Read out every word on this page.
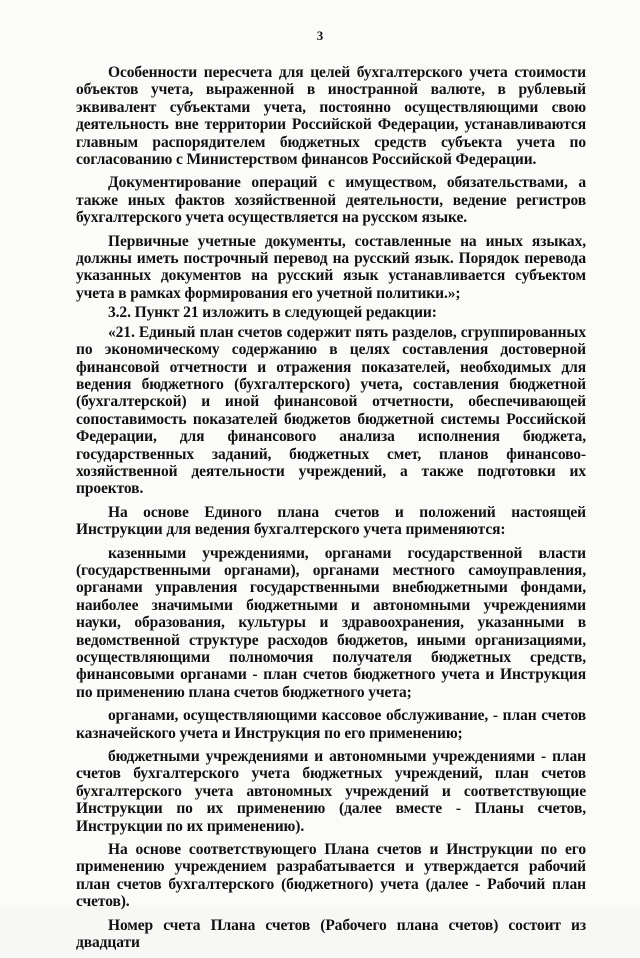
3

Особенности пересчета для целей бухгалтерского учета стоимости объектов учета, выраженной в иностранной валюте, в рублевый эквивалент субъектами учета, постоянно осуществляющими свою деятельность вне территории Российской Федерации, устанавливаются главным распорядителем бюджетных средств субъекта учета по согласованию с Министерством финансов Российской Федерации.

Документирование операций с имуществом, обязательствами, а также иных фактов хозяйственной деятельности, ведение регистров бухгалтерского учета осуществляется на русском языке.

Первичные учетные документы, составленные на иных языках, должны иметь построчный перевод на русский язык. Порядок перевода указанных документов на русский язык устанавливается субъектом учета в рамках формирования его учетной политики.»;

3.2. Пункт 21 изложить в следующей редакции:

«21. Единый план счетов содержит пять разделов, сгруппированных по экономическому содержанию в целях составления достоверной финансовой отчетности и отражения показателей, необходимых для ведения бюджетного (бухгалтерского) учета, составления бюджетной (бухгалтерской) и иной финансовой отчетности, обеспечивающей сопоставимость показателей бюджетов бюджетной системы Российской Федерации, для финансового анализа исполнения бюджета, государственных заданий, бюджетных смет, планов финансово-хозяйственной деятельности учреждений, а также подготовки их проектов.

На основе Единого плана счетов и положений настоящей Инструкции для ведения бухгалтерского учета применяются:

казенными учреждениями, органами государственной власти (государственными органами), органами местного самоуправления, органами управления государственными внебюджетными фондами, наиболее значимыми бюджетными и автономными учреждениями науки, образования, культуры и здравоохранения, указанными в ведомственной структуре расходов бюджетов, иными организациями, осуществляющими полномочия получателя бюджетных средств, финансовыми органами - план счетов бюджетного учета и Инструкция по применению плана счетов бюджетного учета;

органами, осуществляющими кассовое обслуживание, - план счетов казначейского учета и Инструкция по его применению;

бюджетными учреждениями и автономными учреждениями - план счетов бухгалтерского учета бюджетных учреждений, план счетов бухгалтерского учета автономных учреждений и соответствующие Инструкции по их применению (далее вместе - Планы счетов, Инструкции по их применению).

На основе соответствующего Плана счетов и Инструкции по его применению учреждением разрабатывается и утверждается рабочий план счетов бухгалтерского (бюджетного) учета (далее - Рабочий план счетов).

Номер счета Плана счетов (Рабочего плана счетов) состоит из двадцати
